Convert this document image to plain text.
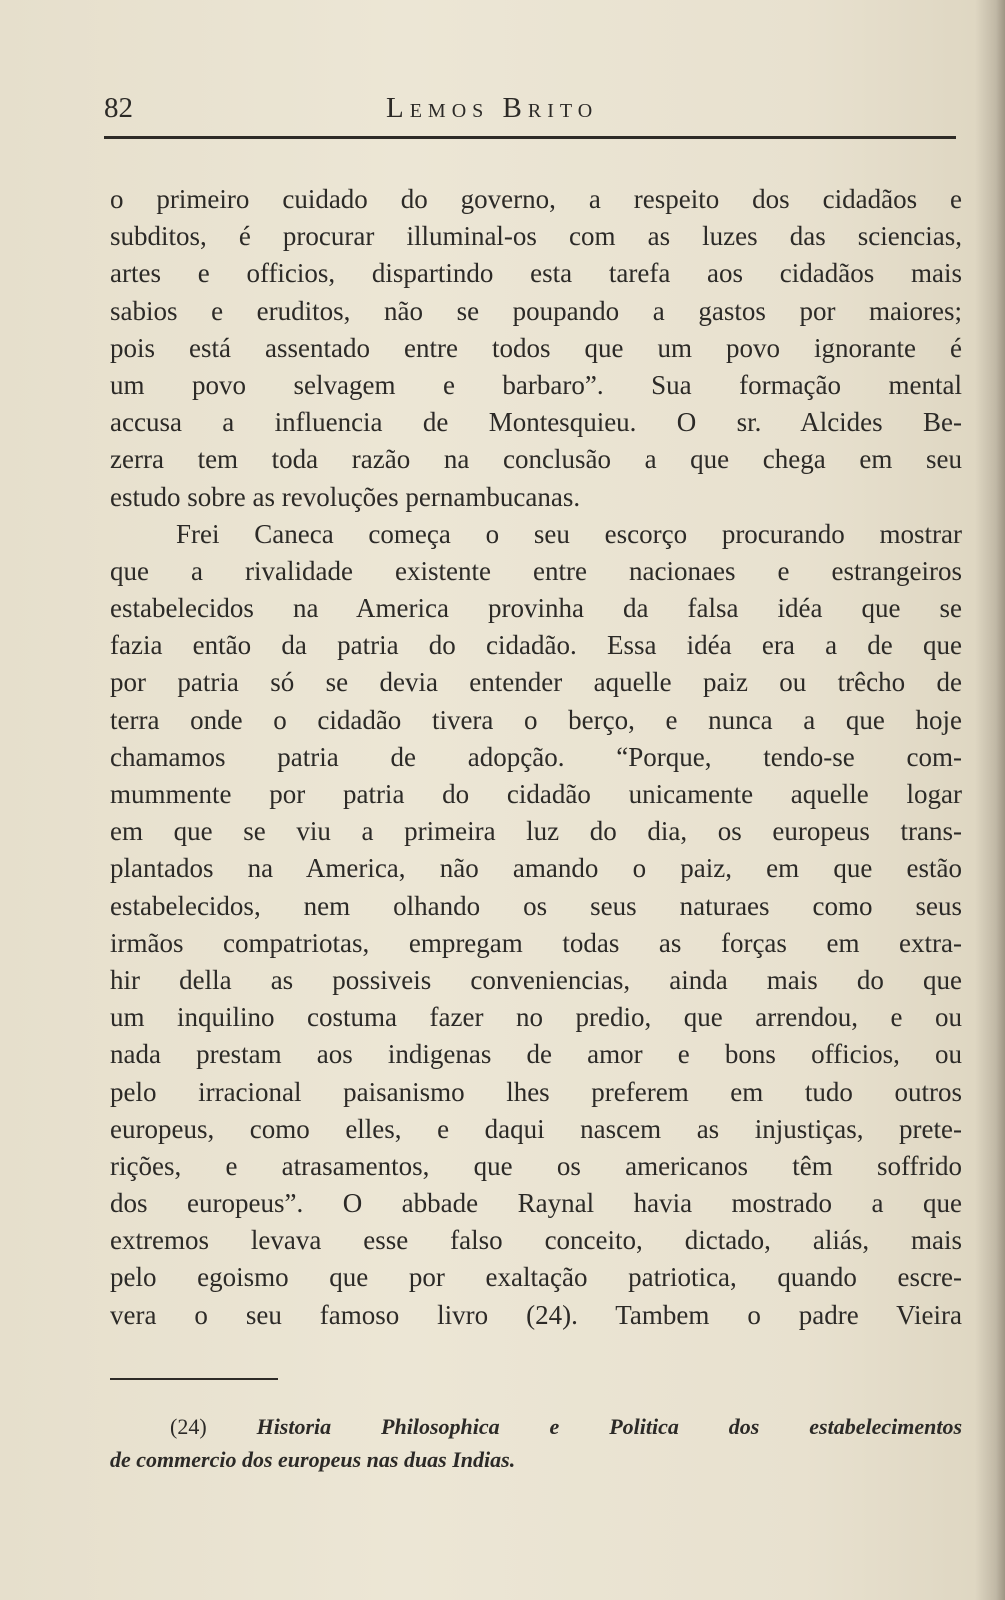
82	Lemos Brito
o primeiro cuidado do governo, a respeito dos cidadãos e
subditos, é procurar illuminal-os com as luzes das sciencias,
artes e officios, dispartindo esta tarefa aos cidadãos mais
sabios e eruditos, não se poupando a gastos por maiores;
pois está assentado entre todos que um povo ignorante é
um povo selvagem e barbaro”. Sua formação mental
accusa a influencia de Montesquieu. O sr. Alcides Be-
zerra tem toda razão na conclusão a que chega em seu
estudo sobre as revoluções pernambucanas.
Frei Caneca começa o seu escorço procurando mostrar
que a rivalidade existente entre nacionaes e estrangeiros
estabelecidos na America provinha da falsa idéa que se
fazia então da patria do cidadão. Essa idéa era a de que
por patria só se devia entender aquelle paiz ou trêcho de
terra onde o cidadão tivera o berço, e nunca a que hoje
chamamos patria de adopção. “Porque, tendo-se com-
mummente por patria do cidadão unicamente aquelle logar
em que se viu a primeira luz do dia, os europeus trans-
plantados na America, não amando o paiz, em que estão
estabelecidos, nem olhando os seus naturaes como seus
irmãos compatriotas, empregam todas as forças em extra-
hir della as possiveis conveniencias, ainda mais do que
um inquilino costuma fazer no predio, que arrendou, e ou
nada prestam aos indigenas de amor e bons officios, ou
pelo irracional paisanismo lhes preferem em tudo outros
europeus, como elles, e daqui nascem as injustiças, prete-
rições, e atrasamentos, que os americanos têm soffrido
dos europeus”. O abbade Raynal havia mostrado a que
extremos levava esse falso conceito, dictado, aliás, mais
pelo egoismo que por exaltação patriotica, quando escre-
vera o seu famoso livro (24). Tambem o padre Vieira
(24) Historia Philosophica e Politica dos estabelecimentos
de commercio dos europeus nas duas Indias.
